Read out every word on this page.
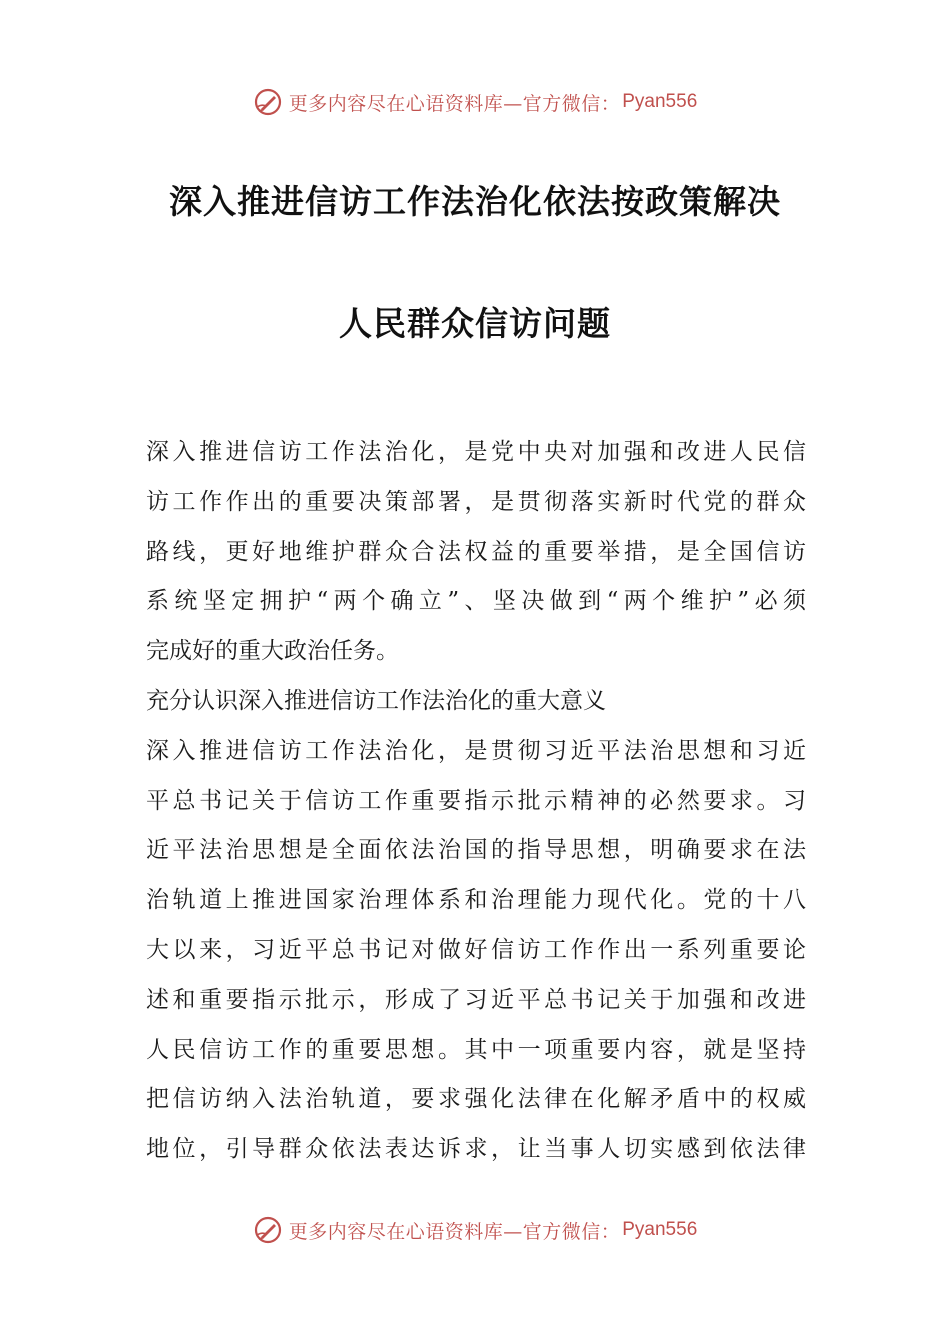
更多内容尽在心语资料库—官方微信： Pyan556
深入推进信访工作法治化依法按政策解决
人民群众信访问题
深入推进信访工作法治化，是党中央对加强和改进人民信
访工作作出的重要决策部署，是贯彻落实新时代党的群众
路线，更好地维护群众合法权益的重要举措，是全国信访
系统坚定拥护“两个确立”、坚决做到“两个维护”必须
完成好的重大政治任务。
充分认识深入推进信访工作法治化的重大意义
深入推进信访工作法治化，是贯彻习近平法治思想和习近
平总书记关于信访工作重要指示批示精神的必然要求。习
近平法治思想是全面依法治国的指导思想，明确要求在法
治轨道上推进国家治理体系和治理能力现代化。党的十八
大以来，习近平总书记对做好信访工作作出一系列重要论
述和重要指示批示，形成了习近平总书记关于加强和改进
人民信访工作的重要思想。其中一项重要内容，就是坚持
把信访纳入法治轨道，要求强化法律在化解矛盾中的权威
地位，引导群众依法表达诉求，让当事人切实感到依法律
更多内容尽在心语资料库—官方微信： Pyan556
